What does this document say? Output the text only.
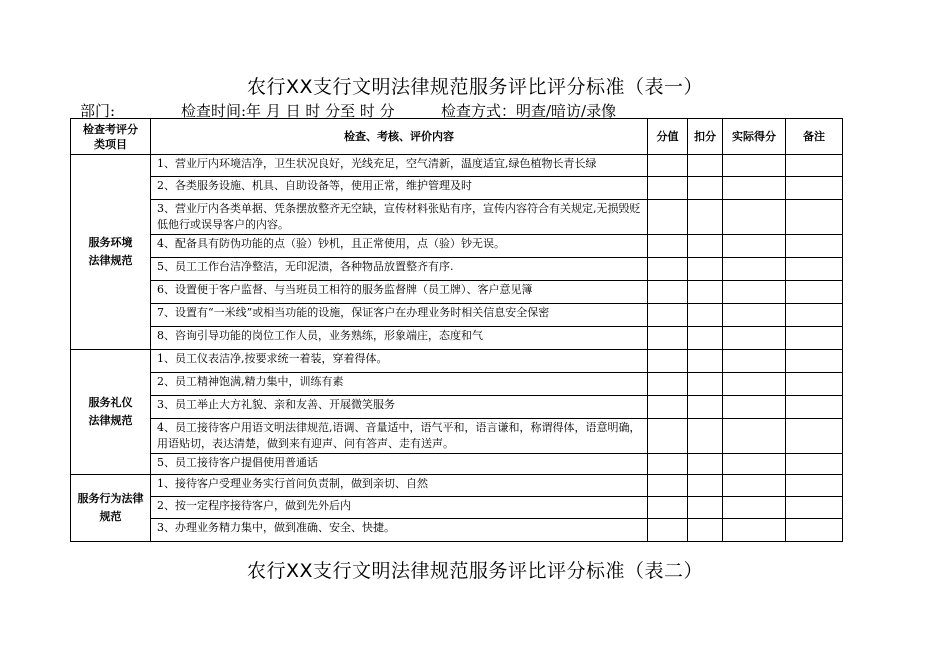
农行XX支行文明法律规范服务评比评分标准（表一）

部门:

	检查时间:年 月 日 时 分至 时 分

	检查方式：明查/暗访/录像

检查考评分类项目	检查、考核、评价内容	分值	扣分	实际得分	备注
服务环境法律规范	1、营业厅内环境洁净，卫生状况良好，光线充足，空气清新，温度适宜,绿色植物长青长绿				
	2、各类服务设施、机具、自助设备等，使用正常，维护管理及时				
	3、营业厅内各类单据、凭条摆放整齐无空缺，宣传材料张贴有序，宣传内容符合有关规定,无损毁贬低他行或误导客户的内容。				
	4、配备具有防伪功能的点（验）钞机，且正常使用，点（验）钞无误。				
	5、员工工作台洁净整洁，无印泥渍，各种物品放置整齐有序.				
	6、设置便于客户监督、与当班员工相符的服务监督牌（员工牌）、客户意见簿				
	7、设置有“一米线”或相当功能的设施，保证客户在办理业务时相关信息安全保密				
	8、咨询引导功能的岗位工作人员，业务熟练，形象端庄，态度和气				
服务礼仪法律规范	1、员工仪表洁净,按要求统一着装，穿着得体。				
	2、员工精神饱满,精力集中，训练有素				
	3、员工举止大方礼貌、亲和友善、开展微笑服务				
	4、员工接待客户用语文明法律规范,语调、音量适中，语气平和，语言谦和，称谓得体，语意明确，用语贴切，表达清楚，做到来有迎声、问有答声、走有送声。				
	5、员工接待客户提倡使用普通话				
服务行为法律规范	1、接待客户受理业务实行首问负责制，做到亲切、自然				
	2、按一定程序接待客户，做到先外后内				
	3、办理业务精力集中，做到准确、安全、快捷。				
农行XX支行文明法律规范服务评比评分标准（表二）
